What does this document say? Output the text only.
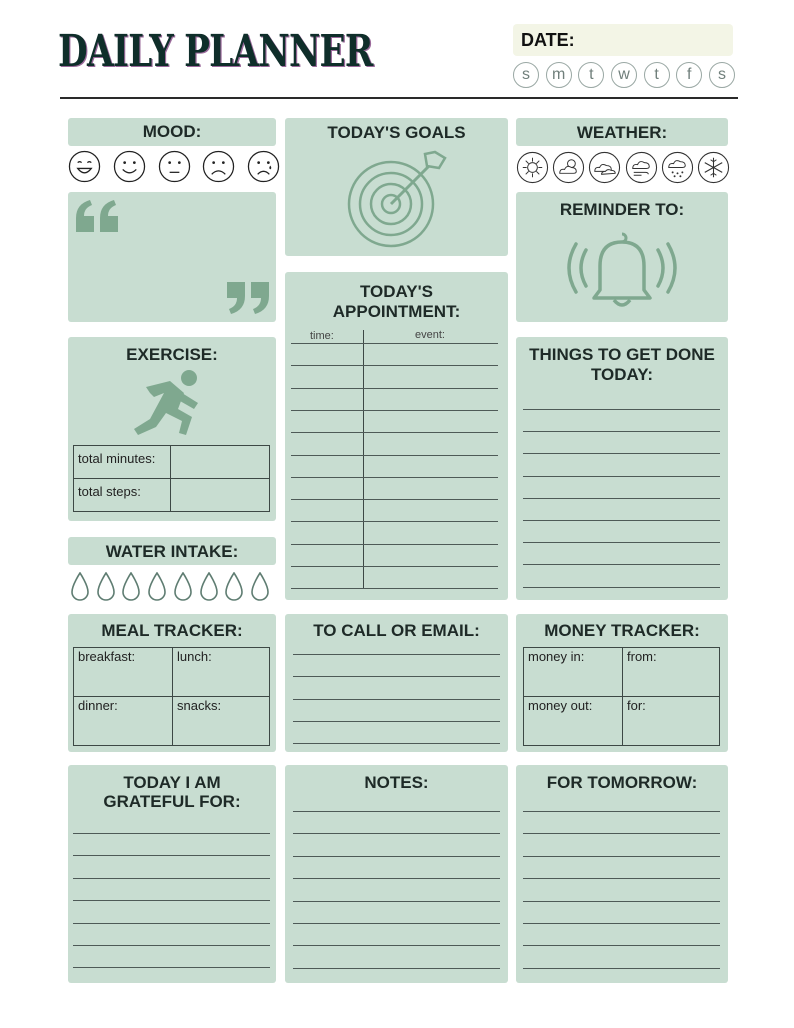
DAILY PLANNER	DATE:
s	m	t	w	t	f	s
MOOD:	TODAY'S GOALS	WEATHER:
REMINDER TO:
TODAY'S
APPOINTMENT:
time:	event:
EXERCISE:
total minutes:
total steps:
WATER INTAKE:
THINGS TO GET DONE
TODAY:
MEAL TRACKER:
breakfast:	lunch:
dinner:	snacks:
TO CALL OR EMAIL:	MONEY TRACKER:
money in:	from:
money out:	for:
TODAY I AM
GRATEFUL FOR:
NOTES:	FOR TOMORROW:
